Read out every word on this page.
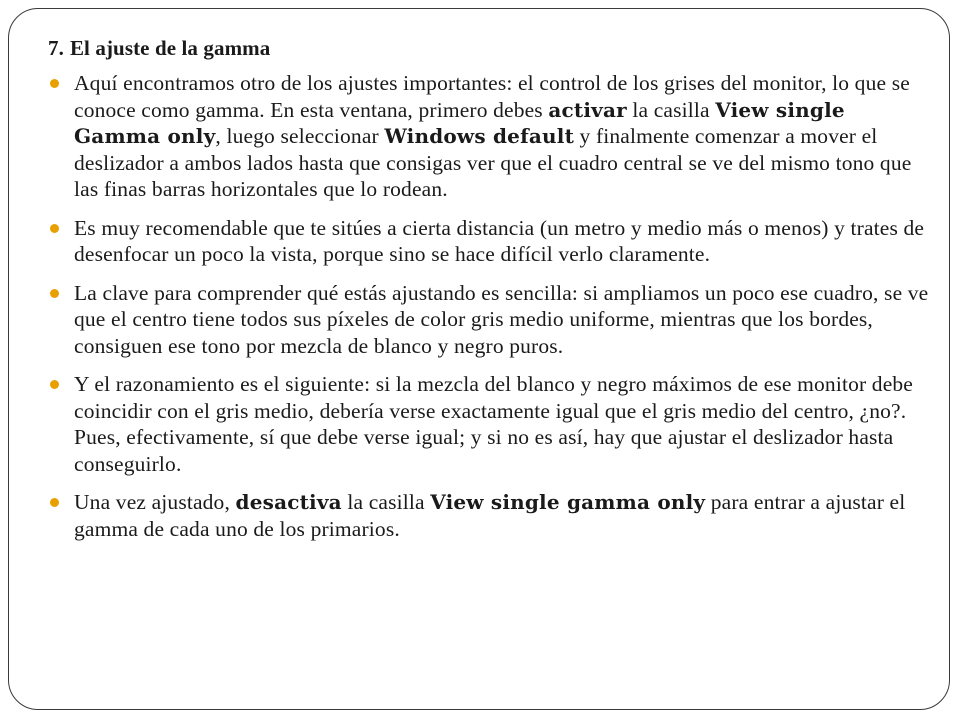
7. El ajuste de la gamma
Aquí encontramos otro de los ajustes importantes: el control de los grises del monitor, lo que se conoce como gamma. En esta ventana, primero debes activar la casilla View single Gamma only, luego seleccionar Windows default y finalmente comenzar a mover el deslizador a ambos lados hasta que consigas ver que el cuadro central se ve del mismo tono que las finas barras horizontales que lo rodean.
Es muy recomendable que te sitúes a cierta distancia (un metro y medio más o menos) y trates de desenfocar un poco la vista, porque sino se hace difícil verlo claramente.
La clave para comprender qué estás ajustando es sencilla: si ampliamos un poco ese cuadro, se ve que el centro tiene todos sus píxeles de color gris medio uniforme, mientras que los bordes, consiguen ese tono por mezcla de blanco y negro puros.
Y el razonamiento es el siguiente: si la mezcla del blanco y negro máximos de ese monitor debe coincidir con el gris medio, debería verse exactamente igual que el gris medio del centro, ¿no?. Pues, efectivamente, sí que debe verse igual; y si no es así, hay que ajustar el deslizador hasta conseguirlo.
Una vez ajustado, desactiva la casilla View single gamma only para entrar a ajustar el gamma de cada uno de los primarios.
